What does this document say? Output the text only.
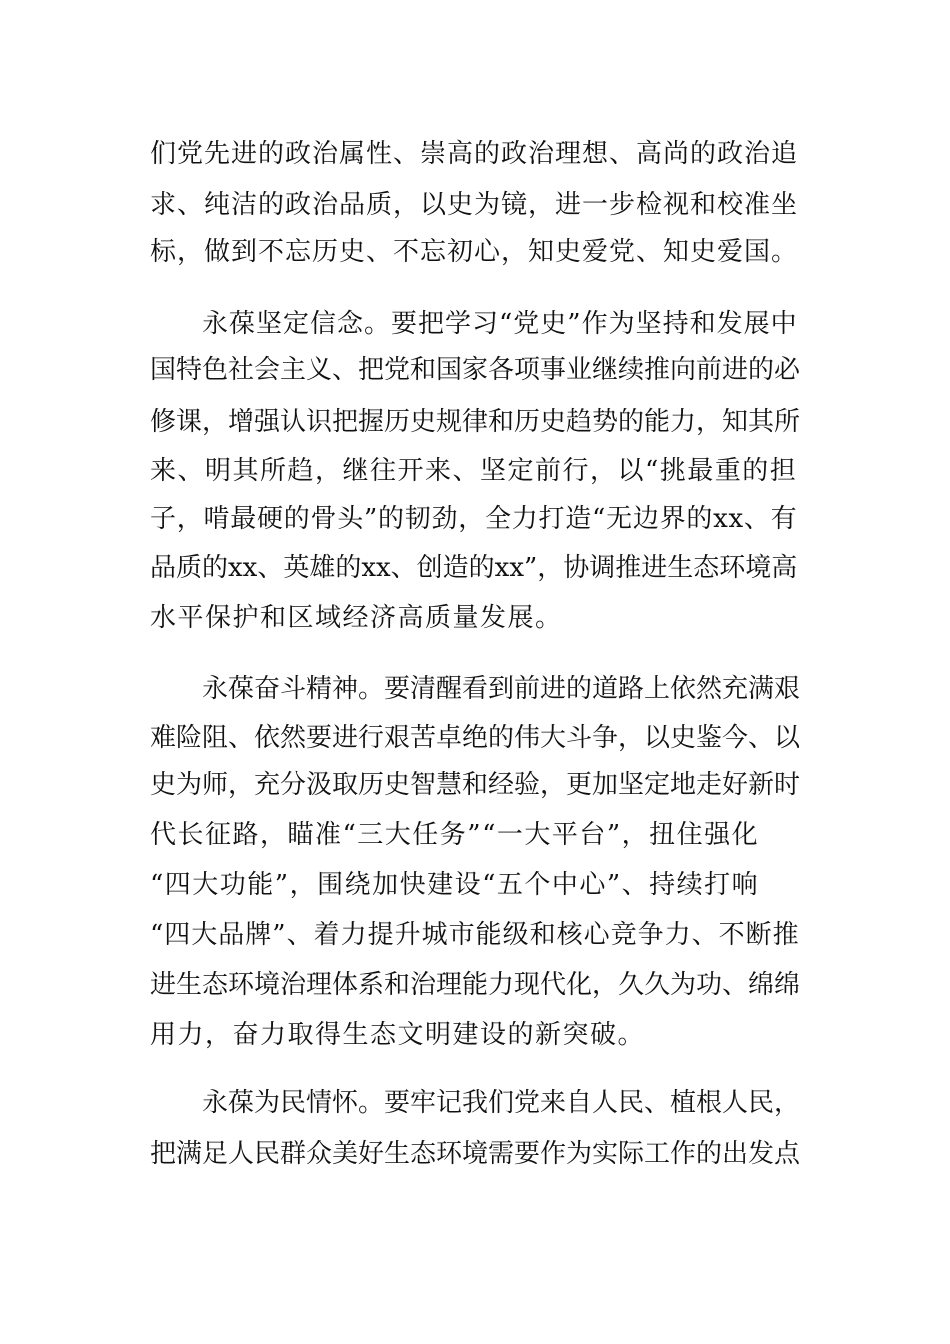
们党先进的政治属性、崇高的政治理想、高尚的政治追
求、纯洁的政治品质，以史为镜，进一步检视和校准坐
标，做到不忘历史、不忘初心，知史爱党、知史爱国。
永葆坚定信念。要把学习“党史”作为坚持和发展中
国特色社会主义、把党和国家各项事业继续推向前进的必
修课，增强认识把握历史规律和历史趋势的能力，知其所
来、明其所趋，继往开来、坚定前行，以“挑最重的担
子，啃最硬的骨头”的韧劲，全力打造“无边界的xx、有
品质的xx、英雄的xx、创造的xx”，协调推进生态环境高
水平保护和区域经济高质量发展。
永葆奋斗精神。要清醒看到前进的道路上依然充满艰
难险阻、依然要进行艰苦卓绝的伟大斗争，以史鉴今、以
史为师，充分汲取历史智慧和经验，更加坚定地走好新时
代长征路，瞄准“三大任务”“一大平台”，扭住强化
“四大功能”，围绕加快建设“五个中心”、持续打响
“四大品牌”、着力提升城市能级和核心竞争力、不断推
进生态环境治理体系和治理能力现代化，久久为功、绵绵
用力，奋力取得生态文明建设的新突破。
永葆为民情怀。要牢记我们党来自人民、植根人民，
把满足人民群众美好生态环境需要作为实际工作的出发点
